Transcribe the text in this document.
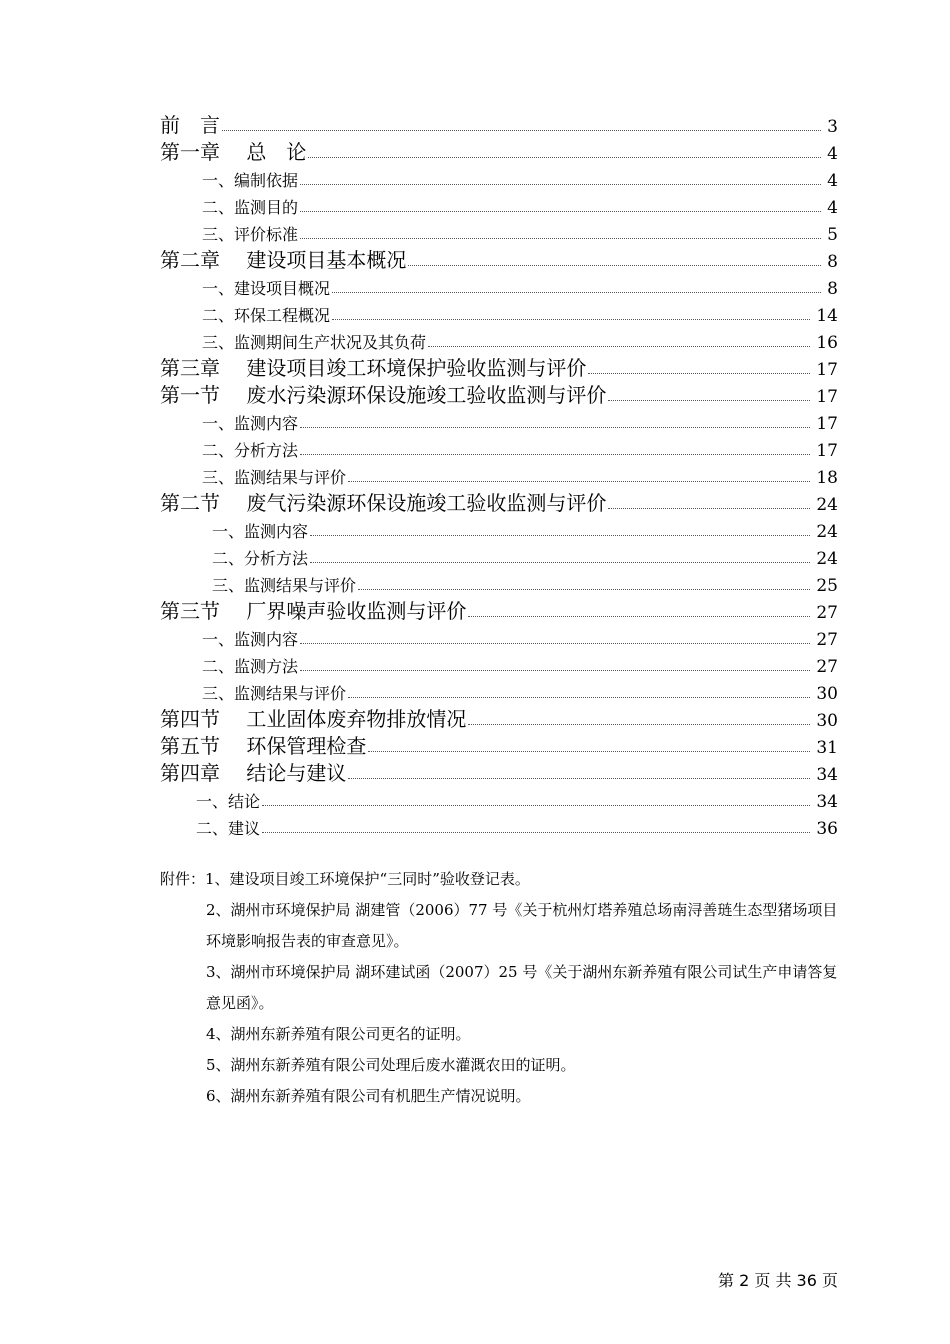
前　言	3
第一章　 总　论	4
一、编制依据	4
二、监测目的	4
三、评价标准	5
第二章　 建设项目基本概况	8
一、建设项目概况	8
二、环保工程概况	14
三、监测期间生产状况及其负荷	16
第三章　 建设项目竣工环境保护验收监测与评价	17
第一节　 废水污染源环保设施竣工验收监测与评价	17
一、监测内容	17
二、分析方法	17
三、监测结果与评价	18
第二节　 废气污染源环保设施竣工验收监测与评价	24
一、监测内容	24
二、分析方法	24
三、监测结果与评价	25
第三节　 厂界噪声验收监测与评价	27
一、监测内容	27
二、监测方法	27
三、监测结果与评价	30
第四节　 工业固体废弃物排放情况	30
第五节　 环保管理检查	31
第四章　 结论与建议	34
一、结论	34
二、建议	36
附件：1、建设项目竣工环境保护“三同时”验收登记表。
2、湖州市环境保护局 湖建管（2006）77 号《关于杭州灯塔养殖总场南浔善琏生态型猪场项目环境影响报告表的审查意见》。
3、湖州市环境保护局 湖环建试函（2007）25 号《关于湖州东新养殖有限公司试生产申请答复意见函》。
4、湖州东新养殖有限公司更名的证明。
5、湖州东新养殖有限公司处理后废水灌溉农田的证明。
6、湖州东新养殖有限公司有机肥生产情况说明。
第 2 页 共 36 页
